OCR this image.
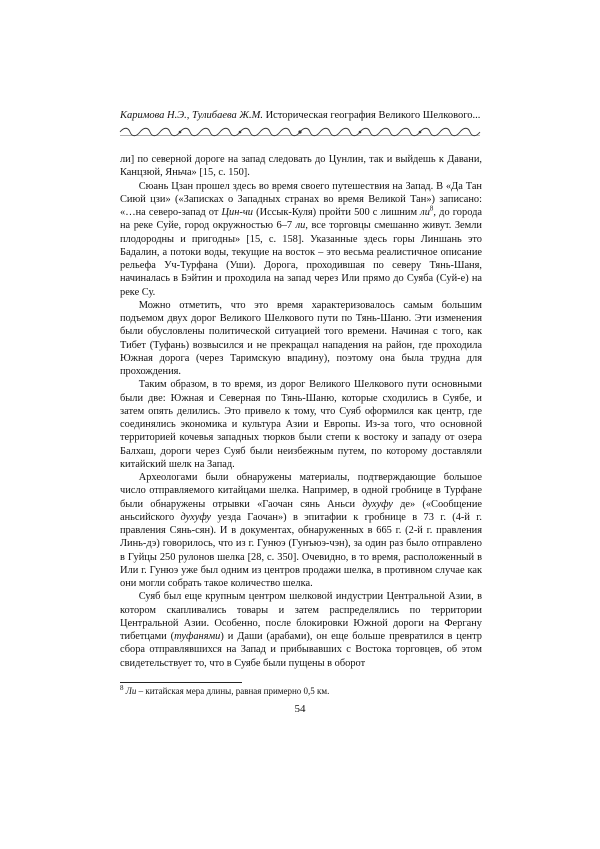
Каримова Н.Э., Тулибаева Ж.М. Историческая география Великого Шелкового...

ли] по северной дороге на запад следовать до Цунлин, так и выйдешь к Давани, Канцзюй, Яньча» [15, с. 150].

Сюань Цзан прошел здесь во время своего путешествия на Запад. В «Да Тан Сиюй цзи» («Записках о Западных странах во время Великой Тан») записано: «…на северо-запад от Цин-чи (Иссык-Куля) пройти 500 с лишним $ли^8$, до города на реке Суйе, город окружностью 6–7 ли, все торговцы смешанно живут. Земли плодородны и пригодны» [15, с. 158]. Указанные здесь горы Линшань это Бадалин, а потоки воды, текущие на восток – это весьма реалистичное описание рельефа Уч-Турфана (Уши). Дорога, проходившая по северу Тянь-Шаня, начиналась в Бэйтин и проходила на запад через Или прямо до Суяба (Суй-е) на реке Су.

Можно отметить, что это время характеризовалось самым большим подъемом двух дорог Великого Шелкового пути по Тянь-Шаню. Эти изменения были обусловлены политической ситуацией того времени. Начиная с того, как Тибет (Туфань) возвысился и не прекращал нападения на район, где проходила Южная дорога (через Таримскую впадину), поэтому она была трудна для прохождения.

Таким образом, в то время, из дорог Великого Шелкового пути основными были две: Южная и Северная по Тянь-Шаню, которые сходились в Суябе, и затем опять делились. Это привело к тому, что Суяб оформился как центр, где соединялись экономика и культура Азии и Европы. Из-за того, что основной территорией кочевья западных тюрков были степи к востоку и западу от озера Балхаш, дороги через Суяб были неизбежным путем, по которому доставляли китайский шелк на Запад.

Археологами были обнаружены материалы, подтверждающие большое число отправляемого китайцами шелка. Например, в одной гробнице в Турфане были обнаружены отрывки «Гаочан сянь Аньси духуфу де» («Сообщение аньсийского духуфу уезда Гаочан») в эпитафии к гробнице в 73 г. (4-й г. правления Сянь-сян). И в документах, обнаруженных в 665 г. (2-й г. правления Линь-дэ) говорилось, что из г. Гунюэ (Гунъюэ-чэн), за один раз было отправлено в Гуйцы 250 рулонов шелка [28, с. 350]. Очевидно, в то время, расположенный в Или г. Гунюэ уже был одним из центров продажи шелка, в противном случае как они могли собрать такое количество шелка.

Суяб был еще крупным центром шелковой индустрии Центральной Азии, в котором скапливались товары и затем распределялись по территории Центральной Азии. Особенно, после блокировки Южной дороги на Фергану тибетцами (туфанями) и Даши (арабами), он еще больше превратился в центр сбора отправлявшихся на Запад и прибывавших с Востока торговцев, об этом свидетельствует то, что в Суябе были пущены в оборот

$^8$ Ли – китайская мера длины, равная примерно 0,5 км.
54
